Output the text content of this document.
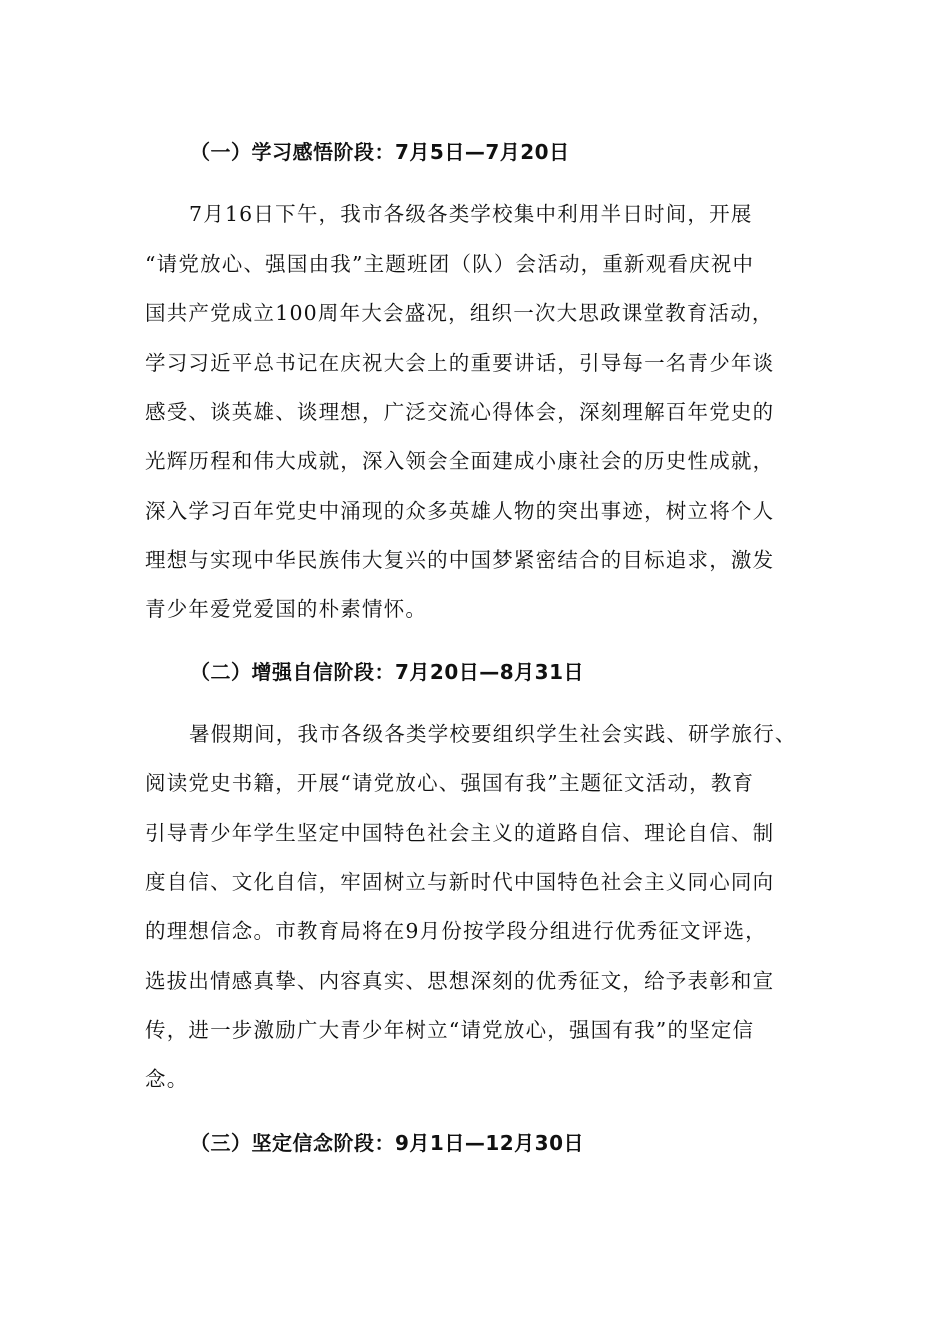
（一）学习感悟阶段：7月5日—7月20日
7月16日下午，我市各级各类学校集中利用半日时间，开展
“请党放心、强国由我”主题班团（队）会活动，重新观看庆祝中
国共产党成立100周年大会盛况，组织一次大思政课堂教育活动，
学习习近平总书记在庆祝大会上的重要讲话，引导每一名青少年谈
感受、谈英雄、谈理想，广泛交流心得体会，深刻理解百年党史的
光辉历程和伟大成就，深入领会全面建成小康社会的历史性成就，
深入学习百年党史中涌现的众多英雄人物的突出事迹，树立将个人
理想与实现中华民族伟大复兴的中国梦紧密结合的目标追求，激发
青少年爱党爱国的朴素情怀。
（二）增强自信阶段：7月20日—8月31日
暑假期间，我市各级各类学校要组织学生社会实践、研学旅行、
阅读党史书籍，开展“请党放心、强国有我”主题征文活动，教育
引导青少年学生坚定中国特色社会主义的道路自信、理论自信、制
度自信、文化自信，牢固树立与新时代中国特色社会主义同心同向
的理想信念。市教育局将在9月份按学段分组进行优秀征文评选，
选拔出情感真挚、内容真实、思想深刻的优秀征文，给予表彰和宣
传，进一步激励广大青少年树立“请党放心，强国有我”的坚定信
念。
（三）坚定信念阶段：9月1日—12月30日
